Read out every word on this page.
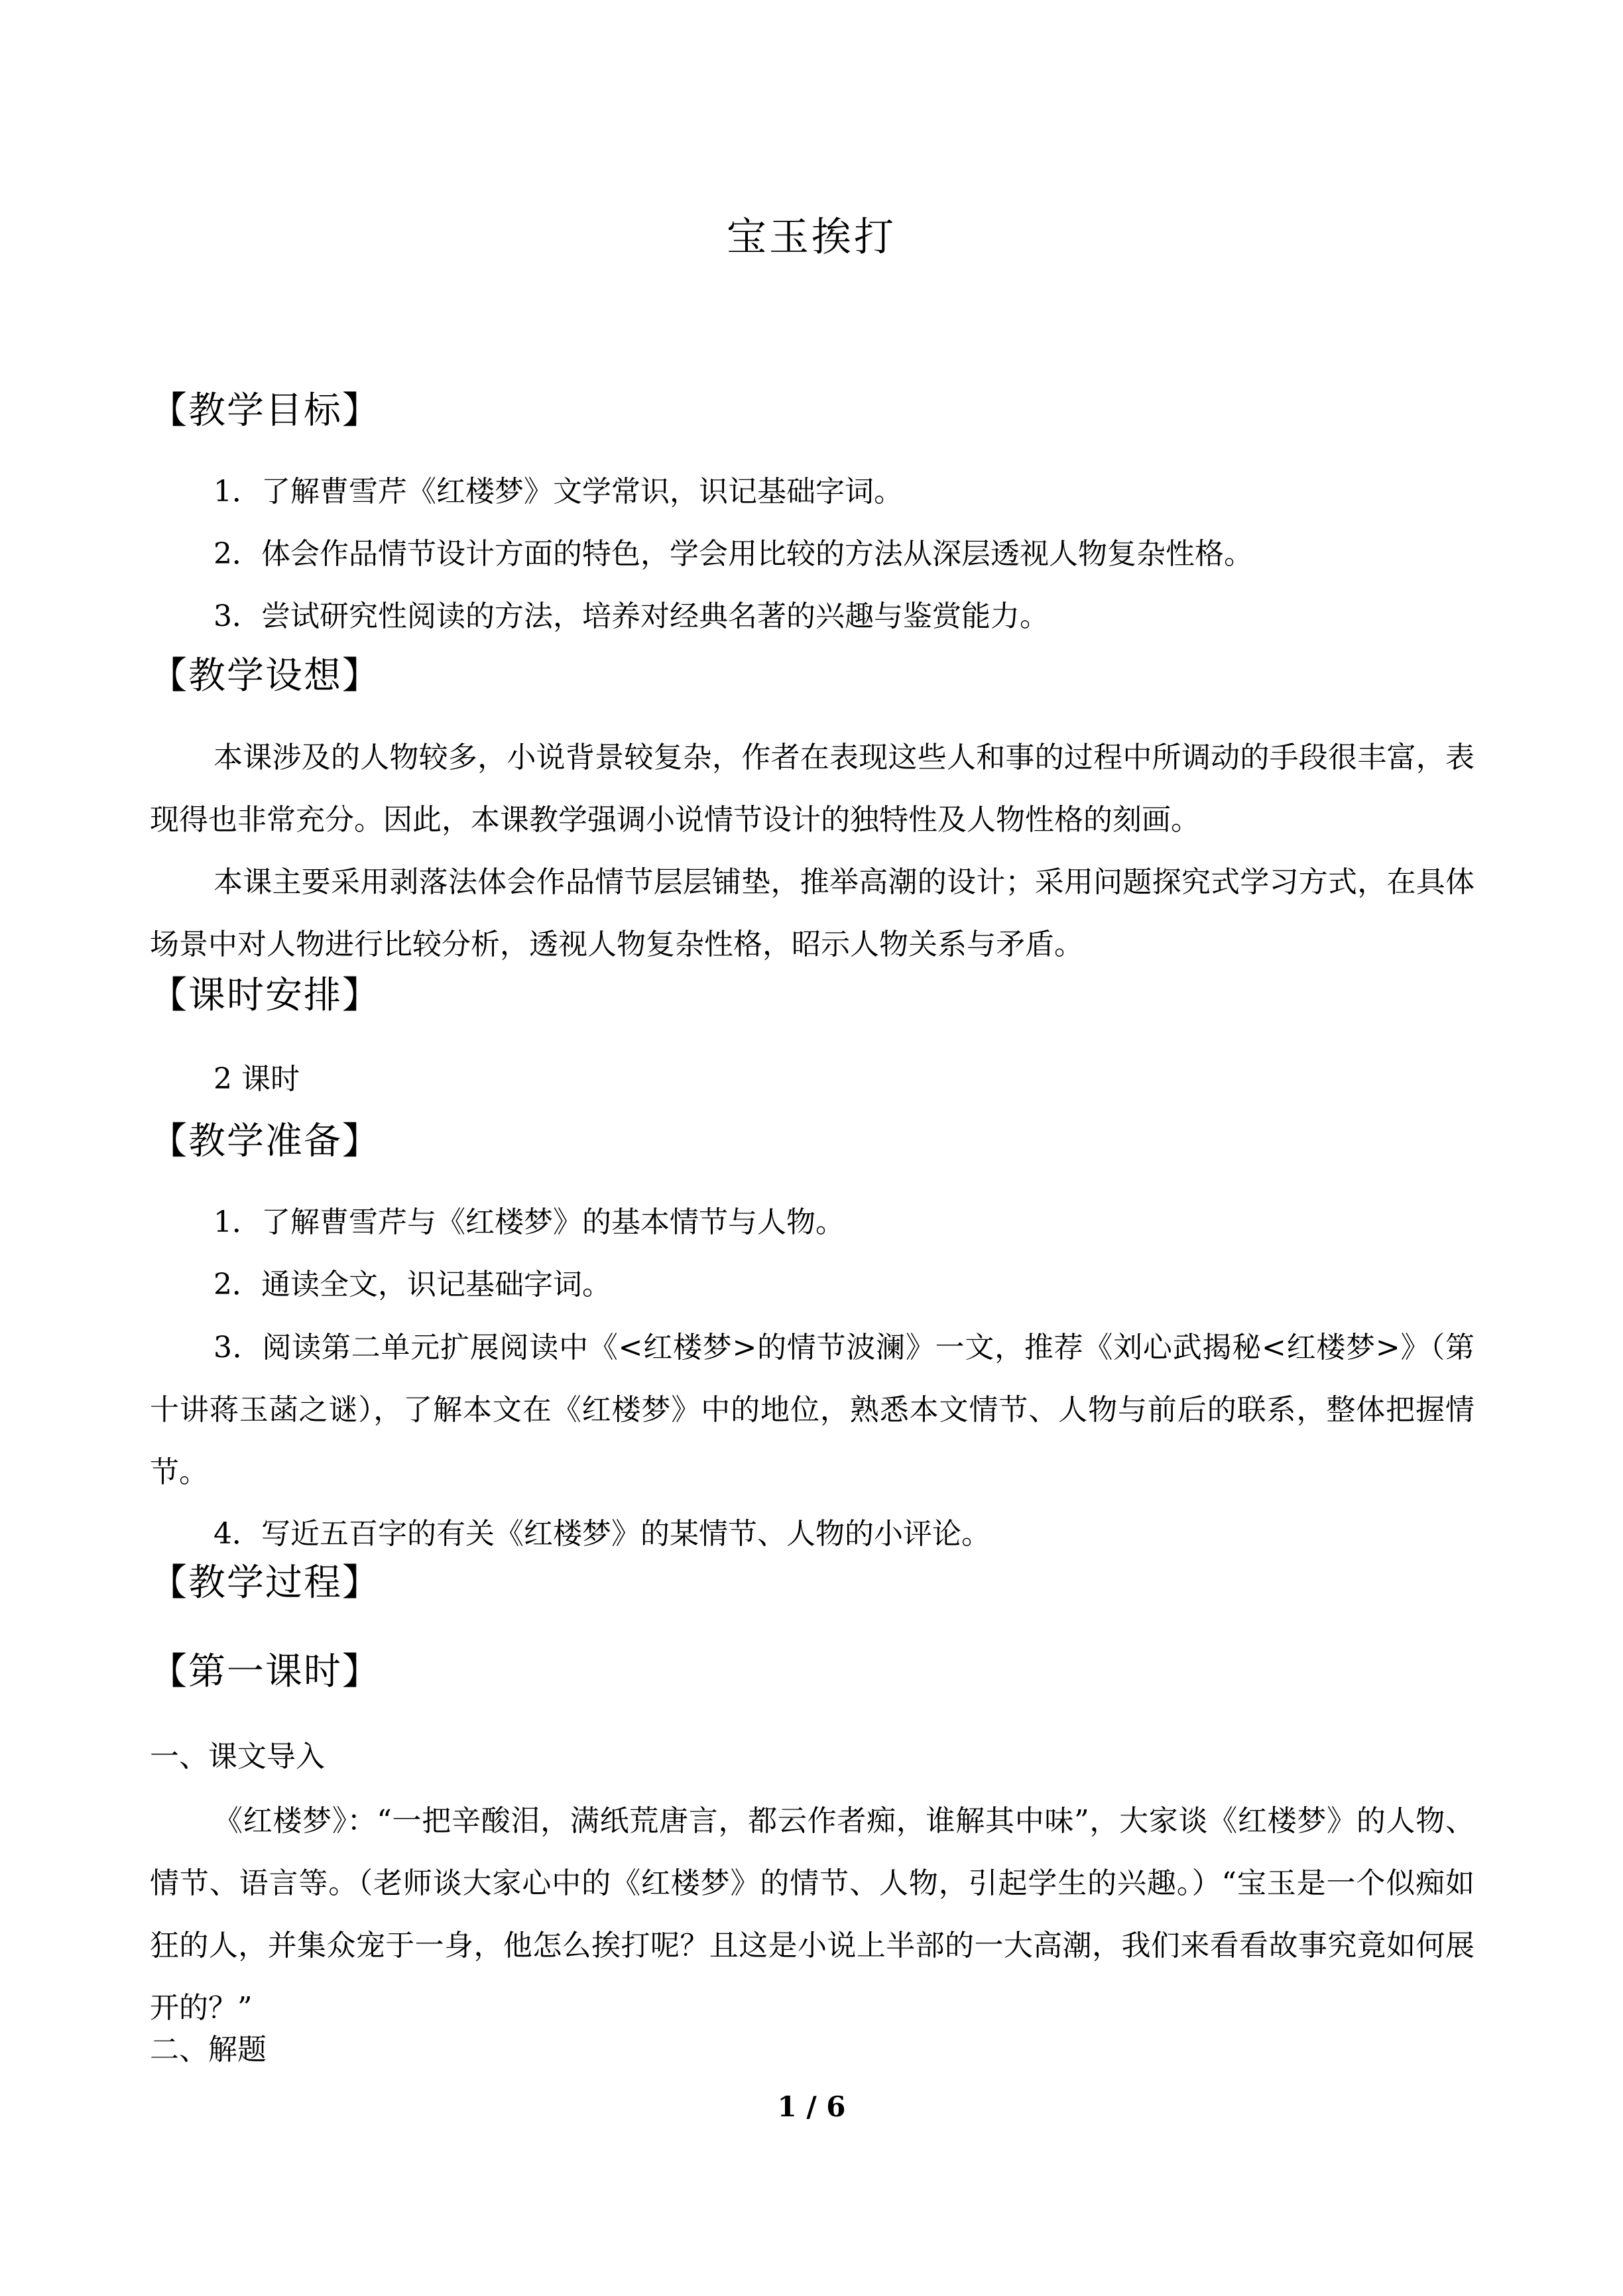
宝玉挨打
【教学目标】
1．了解曹雪芹《红楼梦》文学常识，识记基础字词。
2．体会作品情节设计方面的特色，学会用比较的方法从深层透视人物复杂性格。
3．尝试研究性阅读的方法，培养对经典名著的兴趣与鉴赏能力。
【教学设想】
本课涉及的人物较多，小说背景较复杂，作者在表现这些人和事的过程中所调动的手段很丰富，表现得也非常充分。因此，本课教学强调小说情节设计的独特性及人物性格的刻画。
本课主要采用剥落法体会作品情节层层铺垫，推举高潮的设计；采用问题探究式学习方式，在具体场景中对人物进行比较分析，透视人物复杂性格，昭示人物关系与矛盾。
【课时安排】
2 课时
【教学准备】
1．了解曹雪芹与《红楼梦》的基本情节与人物。
2．通读全文，识记基础字词。
3．阅读第二单元扩展阅读中《<红楼梦>的情节波澜》一文，推荐《刘心武揭秘<红楼梦>》（第十讲蒋玉菡之谜），了解本文在《红楼梦》中的地位，熟悉本文情节、人物与前后的联系，整体把握情节。
4．写近五百字的有关《红楼梦》的某情节、人物的小评论。
【教学过程】
【第一课时】
一、课文导入
《红楼梦》：“一把辛酸泪，满纸荒唐言，都云作者痴，谁解其中味”，大家谈《红楼梦》的人物、情节、语言等。（老师谈大家心中的《红楼梦》的情节、人物，引起学生的兴趣。）“宝玉是一个似痴如狂的人，并集众宠于一身，他怎么挨打呢？且这是小说上半部的一大高潮，我们来看看故事究竟如何展开的？”
二、解题
1 / 6
